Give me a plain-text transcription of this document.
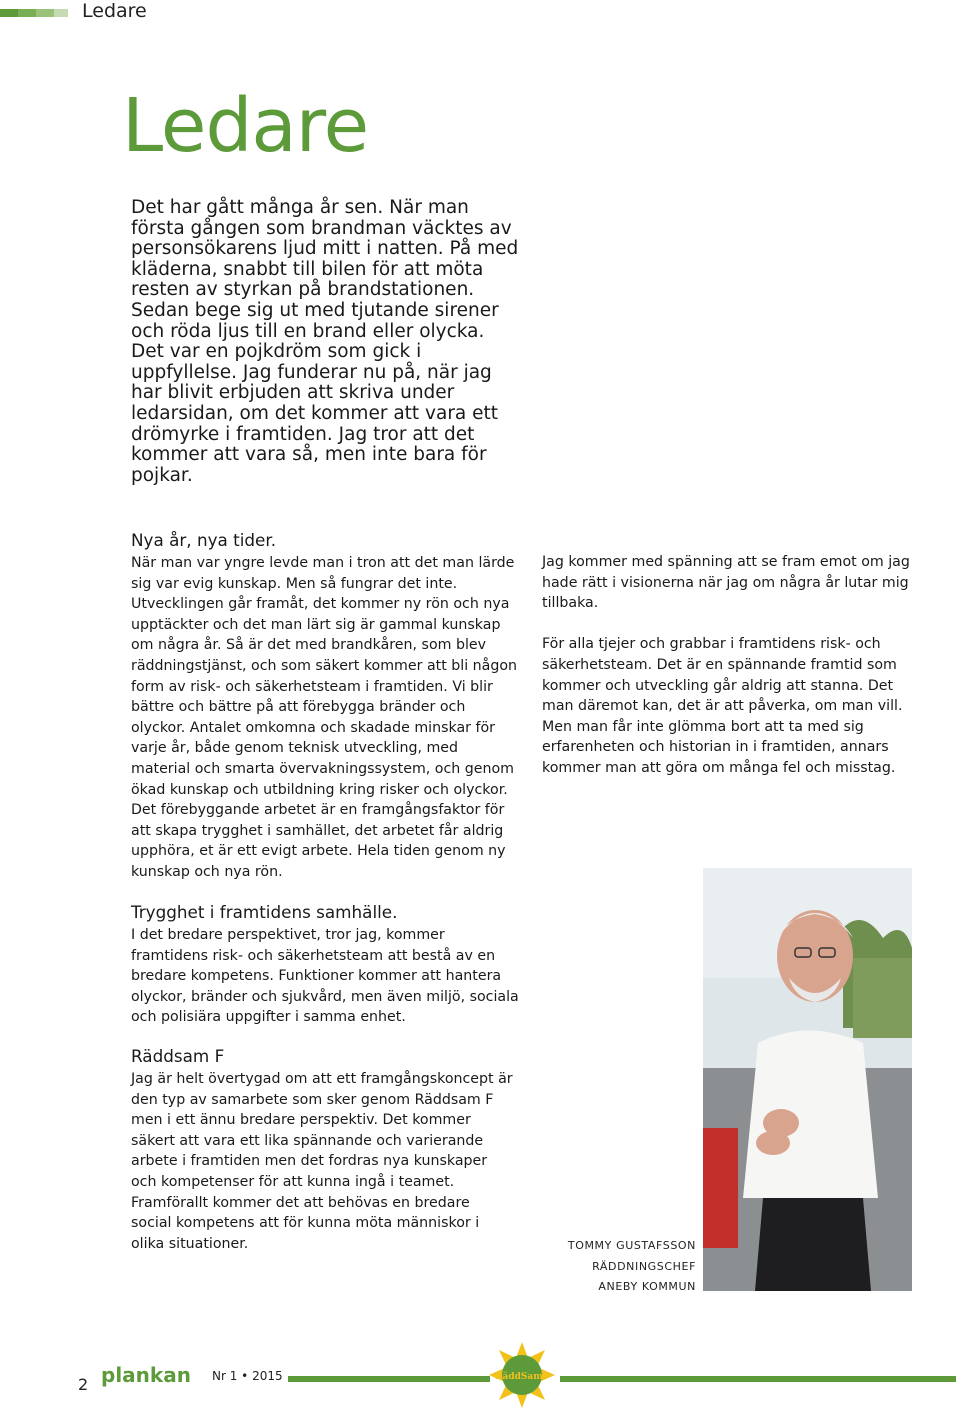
Ledare
Ledare

Det har gått många år sen. När man första gången som brandman väcktes av personsökarens ljud mitt i natten. På med kläderna, snabbt till bilen för att möta resten av styrkan på brandstationen. Sedan bege sig ut med tjutande sirener och röda ljus till en brand eller olycka. Det var en pojkdröm som gick i uppfyllelse. Jag funderar nu på, när jag har blivit erbjuden att skriva under ledarsidan, om det kommer att vara ett drömyrke i framtiden. Jag tror att det kommer att vara så, men inte bara för pojkar.

Nya år, nya tider.

När man var yngre levde man i tron att det man lärde sig var evig kunskap. Men så fungrar det inte. Utvecklingen går framåt, det kommer ny rön och nya upptäckter och det man lärt sig är gammal kunskap om några år. Så är det med brandkåren, som blev räddningstjänst, och som säkert kommer att bli någon form av risk- och säkerhetsteam i framtiden. Vi blir bättre och bättre på att förebygga bränder och olyckor. Antalet omkomna och skadade minskar för varje år, både genom teknisk utveckling, med material och smarta övervakningssystem, och genom ökad kunskap och utbildning kring risker och olyckor. Det förebyggande arbetet är en framgångsfaktor för att skapa trygghet i samhället, det arbetet får aldrig upphöra, et är ett evigt arbete. Hela tiden genom ny kunskap och nya rön.

Trygghet i framtidens samhälle.

I det bredare perspektivet, tror jag, kommer framtidens risk- och säkerhetsteam att bestå av en bredare kompetens. Funktioner kommer att hantera olyckor, bränder och sjukvård, men även miljö, sociala och polisiära uppgifter i samma enhet.

Räddsam F

Jag är helt övertygad om att ett framgångskoncept är den typ av samarbete som sker genom Räddsam F men i ett ännu bredare perspektiv. Det kommer säkert att vara ett lika spännande och varierande arbete i framtiden men det fordras nya kunskaper och kompetenser för att kunna ingå i teamet. Framförallt kommer det att behövas en bredare social kompetens att för kunna möta människor i olika situationer.

Jag kommer med spänning att se fram emot om jag hade rätt i visionerna när jag om några år lutar mig tillbaka.

För alla tjejer och grabbar i framtidens risk- och säkerhetsteam. Det är en spännande framtid som kommer och utveckling går aldrig att stanna. Det man däremot kan, det är att påverka, om man vill. Men man får inte glömma bort att ta med sig erfarenheten och historian in i framtiden, annars kommer man att göra om många fel och misstag.

TOMMY GUSTAFSSON
RÄDDNINGSCHEF
ANEBY KOMMUN
2 plankan Nr 1 • 2015	RäddSamF
